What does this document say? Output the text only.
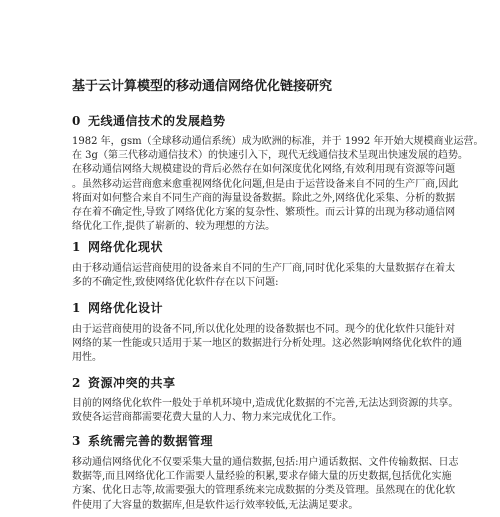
基于云计算模型的移动通信网络优化链接研究
0 无线通信技术的发展趋势
1982 年，gsm（全球移动通信系统）成为欧洲的标准，并于 1992 年开始大规模商业运营。
在 3g（第三代移动通信技术）的快速引入下，现代无线通信技术呈现出快速发展的趋势。
在移动通信网络大规模建设的背后必然存在如何深度优化网络,有效利用现有资源等问题
。虽然移动运营商愈来愈重视网络优化问题,但是由于运营设备来自不同的生产厂商,因此
将面对如何整合来自不同生产商的海量设备数据。除此之外,网络优化采集、分析的数据
存在着不确定性,导致了网络优化方案的复杂性、繁琐性。而云计算的出现为移动通信网
络优化工作,提供了崭新的、较为理想的方法。
1 网络优化现状
由于移动通信运营商使用的设备来自不同的生产厂商,同时优化采集的大量数据存在着太
多的不确定性,致使网络优化软件存在以下问题:
1 网络优化设计
由于运营商使用的设备不同,所以优化处理的设备数据也不同。现今的优化软件只能针对
网络的某一性能或只适用于某一地区的数据进行分析处理。这必然影响网络优化软件的通
用性。
2 资源冲突的共享
目前的网络优化软件一般处于单机环境中,造成优化数据的不完善,无法达到资源的共享。
致使各运营商都需要花费大量的人力、物力来完成优化工作。
3 系统需完善的数据管理
移动通信网络优化不仅要采集大量的通信数据,包括:用户通话数据、文件传输数据、日志
数据等,而且网络优化工作需要人量经验的积累,要求存储大量的历史数据,包括优化实施
方案、优化日志等,故需要强大的管理系统来完成数据的分类及管理。虽然现在的优化软
件使用了大容量的数据库,但是软件运行效率较低,无法满足要求。
